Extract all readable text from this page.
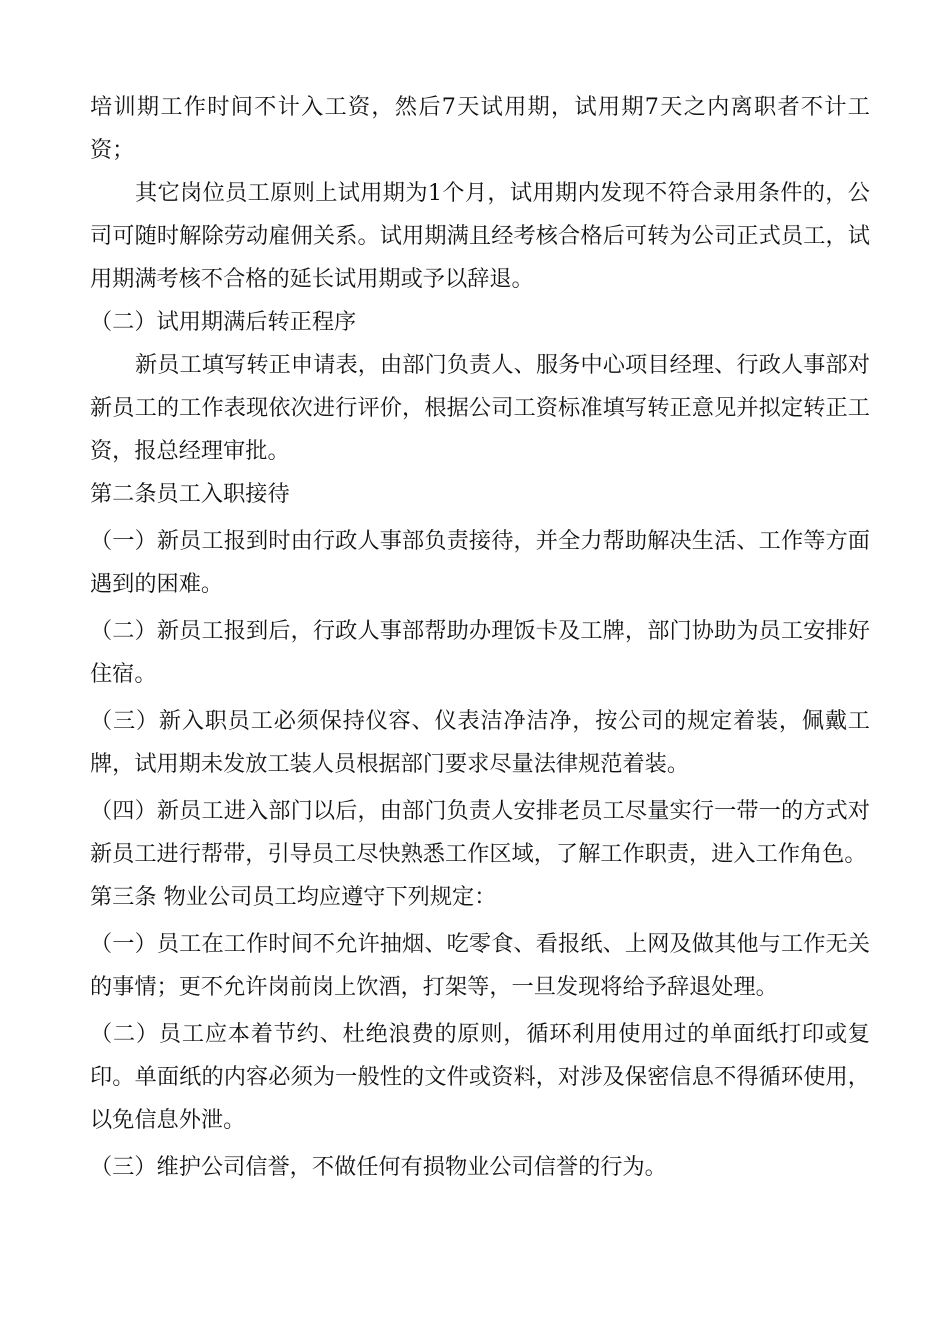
培训期工作时间不计入工资，然后7天试用期，试用期7天之内离职者不计工资；

其它岗位员工原则上试用期为1个月，试用期内发现不符合录用条件的，公司可随时解除劳动雇佣关系。试用期满且经考核合格后可转为公司正式员工，试用期满考核不合格的延长试用期或予以辞退。

（二）试用期满后转正程序

新员工填写转正申请表，由部门负责人、服务中心项目经理、行政人事部对新员工的工作表现依次进行评价，根据公司工资标准填写转正意见并拟定转正工资，报总经理审批。

第二条员工入职接待

（一）新员工报到时由行政人事部负责接待，并全力帮助解决生活、工作等方面遇到的困难。

（二）新员工报到后，行政人事部帮助办理饭卡及工牌，部门协助为员工安排好住宿。

（三）新入职员工必须保持仪容、仪表洁净洁净，按公司的规定着装，佩戴工牌，试用期未发放工装人员根据部门要求尽量法律规范着装。

（四）新员工进入部门以后，由部门负责人安排老员工尽量实行一带一的方式对新员工进行帮带，引导员工尽快熟悉工作区域，了解工作职责，进入工作角色。

第三条 物业公司员工均应遵守下列规定：

（一）员工在工作时间不允许抽烟、吃零食、看报纸、上网及做其他与工作无关的事情；更不允许岗前岗上饮酒，打架等，一旦发现将给予辞退处理。

（二）员工应本着节约、杜绝浪费的原则，循环利用使用过的单面纸打印或复印。单面纸的内容必须为一般性的文件或资料，对涉及保密信息不得循环使用，以免信息外泄。

（三）维护公司信誉，不做任何有损物业公司信誉的行为。
